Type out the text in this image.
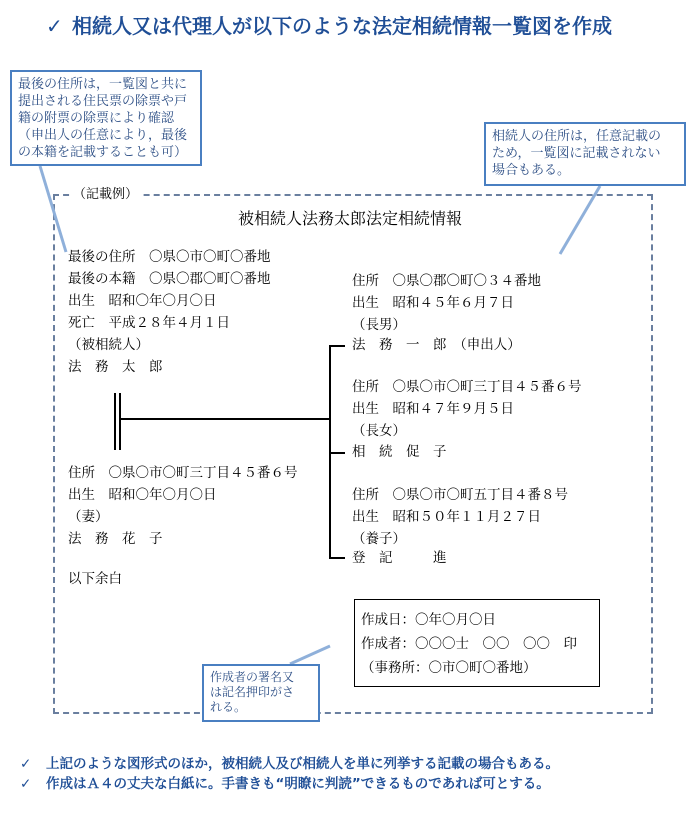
✓ 相続人又は代理人が以下のような法定相続情報一覧図を作成
（記載例）
最後の住所は，一覧図と共に
提出される住民票の除票や戸
籍の附票の除票により確認
（申出人の任意により，最後
の本籍を記載することも可）
相続人の住所は，任意記載の
ため，一覧図に記載されない
場合もある。
被相続人法務太郎法定相続情報
最後の住所　〇県〇市〇町〇番地
最後の本籍　〇県〇郡〇町〇番地
出生　昭和〇年〇月〇日
死亡　平成２８年４月１日
（被相続人）
法　務　太　郎
住所　〇県〇市〇町三丁目４５番６号
出生　昭和〇年〇月〇日
（妻）
法　務　花　子
以下余白
住所　〇県〇郡〇町〇３４番地
出生　昭和４５年６月７日
（長男）
法　務　一　郎　（申出人）
住所　〇県〇市〇町三丁目４５番６号
出生　昭和４７年９月５日
（長女）
相　続　促　子
住所　〇県〇市〇町五丁目４番８号
出生　昭和５０年１１月２７日
（養子）
登　記　　　進
作成日：〇年〇月〇日
作成者：〇〇〇士　〇〇　〇〇　印
（事務所：〇市〇町〇番地）
作成者の署名又
は記名押印がさ
れる。
✓ 上記のような図形式のほか，被相続人及び相続人を単に列挙する記載の場合もある。
✓ 作成はＡ４の丈夫な白紙に。手書きも“明瞭に判読”できるものであれば可とする。
